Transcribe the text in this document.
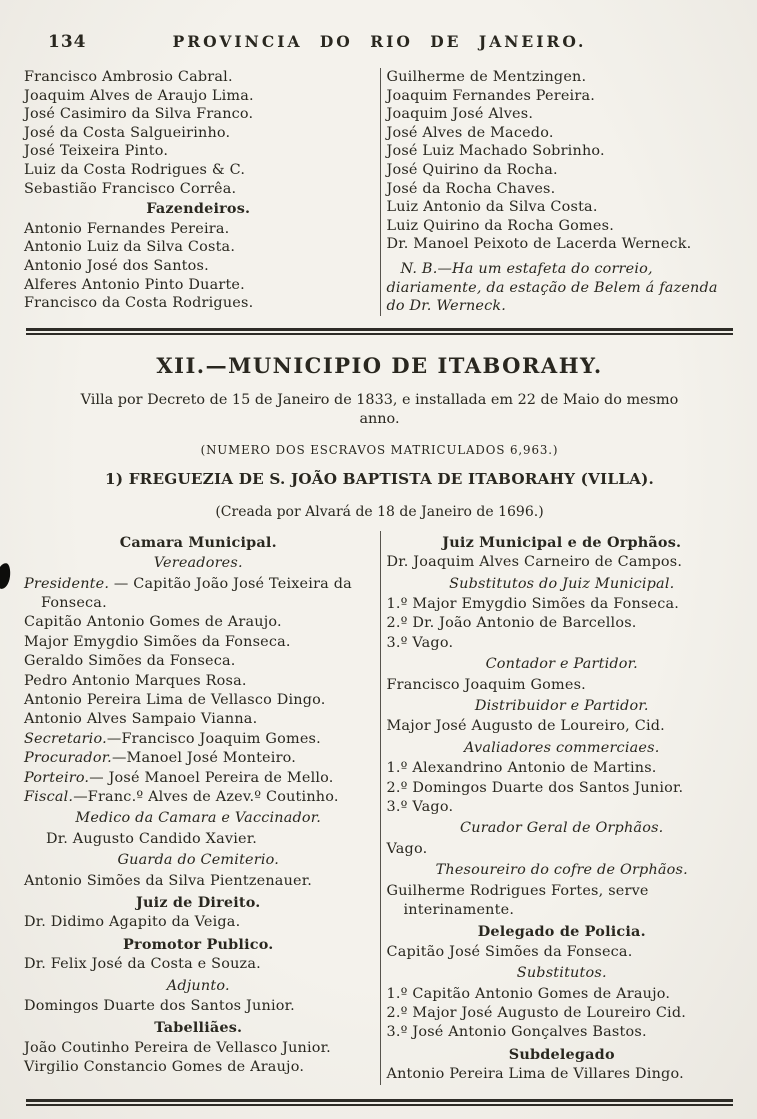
134	PROVINCIA DO RIO DE JANEIRO.
Francisco Ambrosio Cabral.
Joaquim Alves de Araujo Lima.
José Casimiro da Silva Franco.
José da Costa Salgueirinho.
José Teixeira Pinto.
Luiz da Costa Rodrigues & C.
Sebastião Francisco Corrêa.
Fazendeiros.
Antonio Fernandes Pereira.
Antonio Luiz da Silva Costa.
Antonio José dos Santos.
Alferes Antonio Pinto Duarte.
Francisco da Costa Rodrigues.
Guilherme de Mentzingen.
Joaquim Fernandes Pereira.
Joaquim José Alves.
José Alves de Macedo.
José Luiz Machado Sobrinho.
José Quirino da Rocha.
José da Rocha Chaves.
Luiz Antonio da Silva Costa.
Luiz Quirino da Rocha Gomes.
Dr. Manoel Peixoto de Lacerda Werneck.
N. B.—Ha um estafeta do correio, diariamente, da estação de Belem á fazenda do Dr. Werneck.
XII.—MUNICIPIO DE ITABORAHY.

Villa por Decreto de 15 de Janeiro de 1833, e installada em 22 de Maio do mesmo anno.

(NUMERO DOS ESCRAVOS MATRICULADOS 6,963.)

1) FREGUEZIA DE S. JOÃO BAPTISTA DE ITABORAHY (VILLA).

(Creada por Alvará de 18 de Janeiro de 1696.)

Camara Municipal.
Vereadores.
Presidente. — Capitão João José Teixeira da Fonseca.
Capitão Antonio Gomes de Araujo.
Major Emygdio Simões da Fonseca.
Geraldo Simões da Fonseca.
Pedro Antonio Marques Rosa.
Antonio Pereira Lima de Vellasco Dingo.
Antonio Alves Sampaio Vianna.
Secretario.—Francisco Joaquim Gomes.
Procurador.—Manoel José Monteiro.
Porteiro.— José Manoel Pereira de Mello.
Fiscal.—Franc.º Alves de Azev.º Coutinho.
Medico da Camara e Vaccinador.
Dr. Augusto Candido Xavier.
Guarda do Cemiterio.
Antonio Simões da Silva Pientzenauer.
Juiz de Direito.
Dr. Didimo Agapito da Veiga.
Promotor Publico.
Dr. Felix José da Costa e Souza.
Adjunto.
Domingos Duarte dos Santos Junior.
Tabelliães.
João Coutinho Pereira de Vellasco Junior.
Virgilio Constancio Gomes de Araujo.
Juiz Municipal e de Orphãos.
Dr. Joaquim Alves Carneiro de Campos.
Substitutos do Juiz Municipal.
1.º Major Emygdio Simões da Fonseca.
2.º Dr. João Antonio de Barcellos.
3.º Vago.
Contador e Partidor.
Francisco Joaquim Gomes.
Distribuidor e Partidor.
Major José Augusto de Loureiro, Cid.
Avaliadores commerciaes.
1.º Alexandrino Antonio de Martins.
2.º Domingos Duarte dos Santos Junior.
3.º Vago.
Curador Geral de Orphãos.
Vago.
Thesoureiro do cofre de Orphãos.
Guilherme Rodrigues Fortes, serve interinamente.
Delegado de Policia.
Capitão José Simões da Fonseca.
Substitutos.
1.º Capitão Antonio Gomes de Araujo.
2.º Major José Augusto de Loureiro Cid.
3.º José Antonio Gonçalves Bastos.
Subdelegado
Antonio Pereira Lima de Villares Dingo.
